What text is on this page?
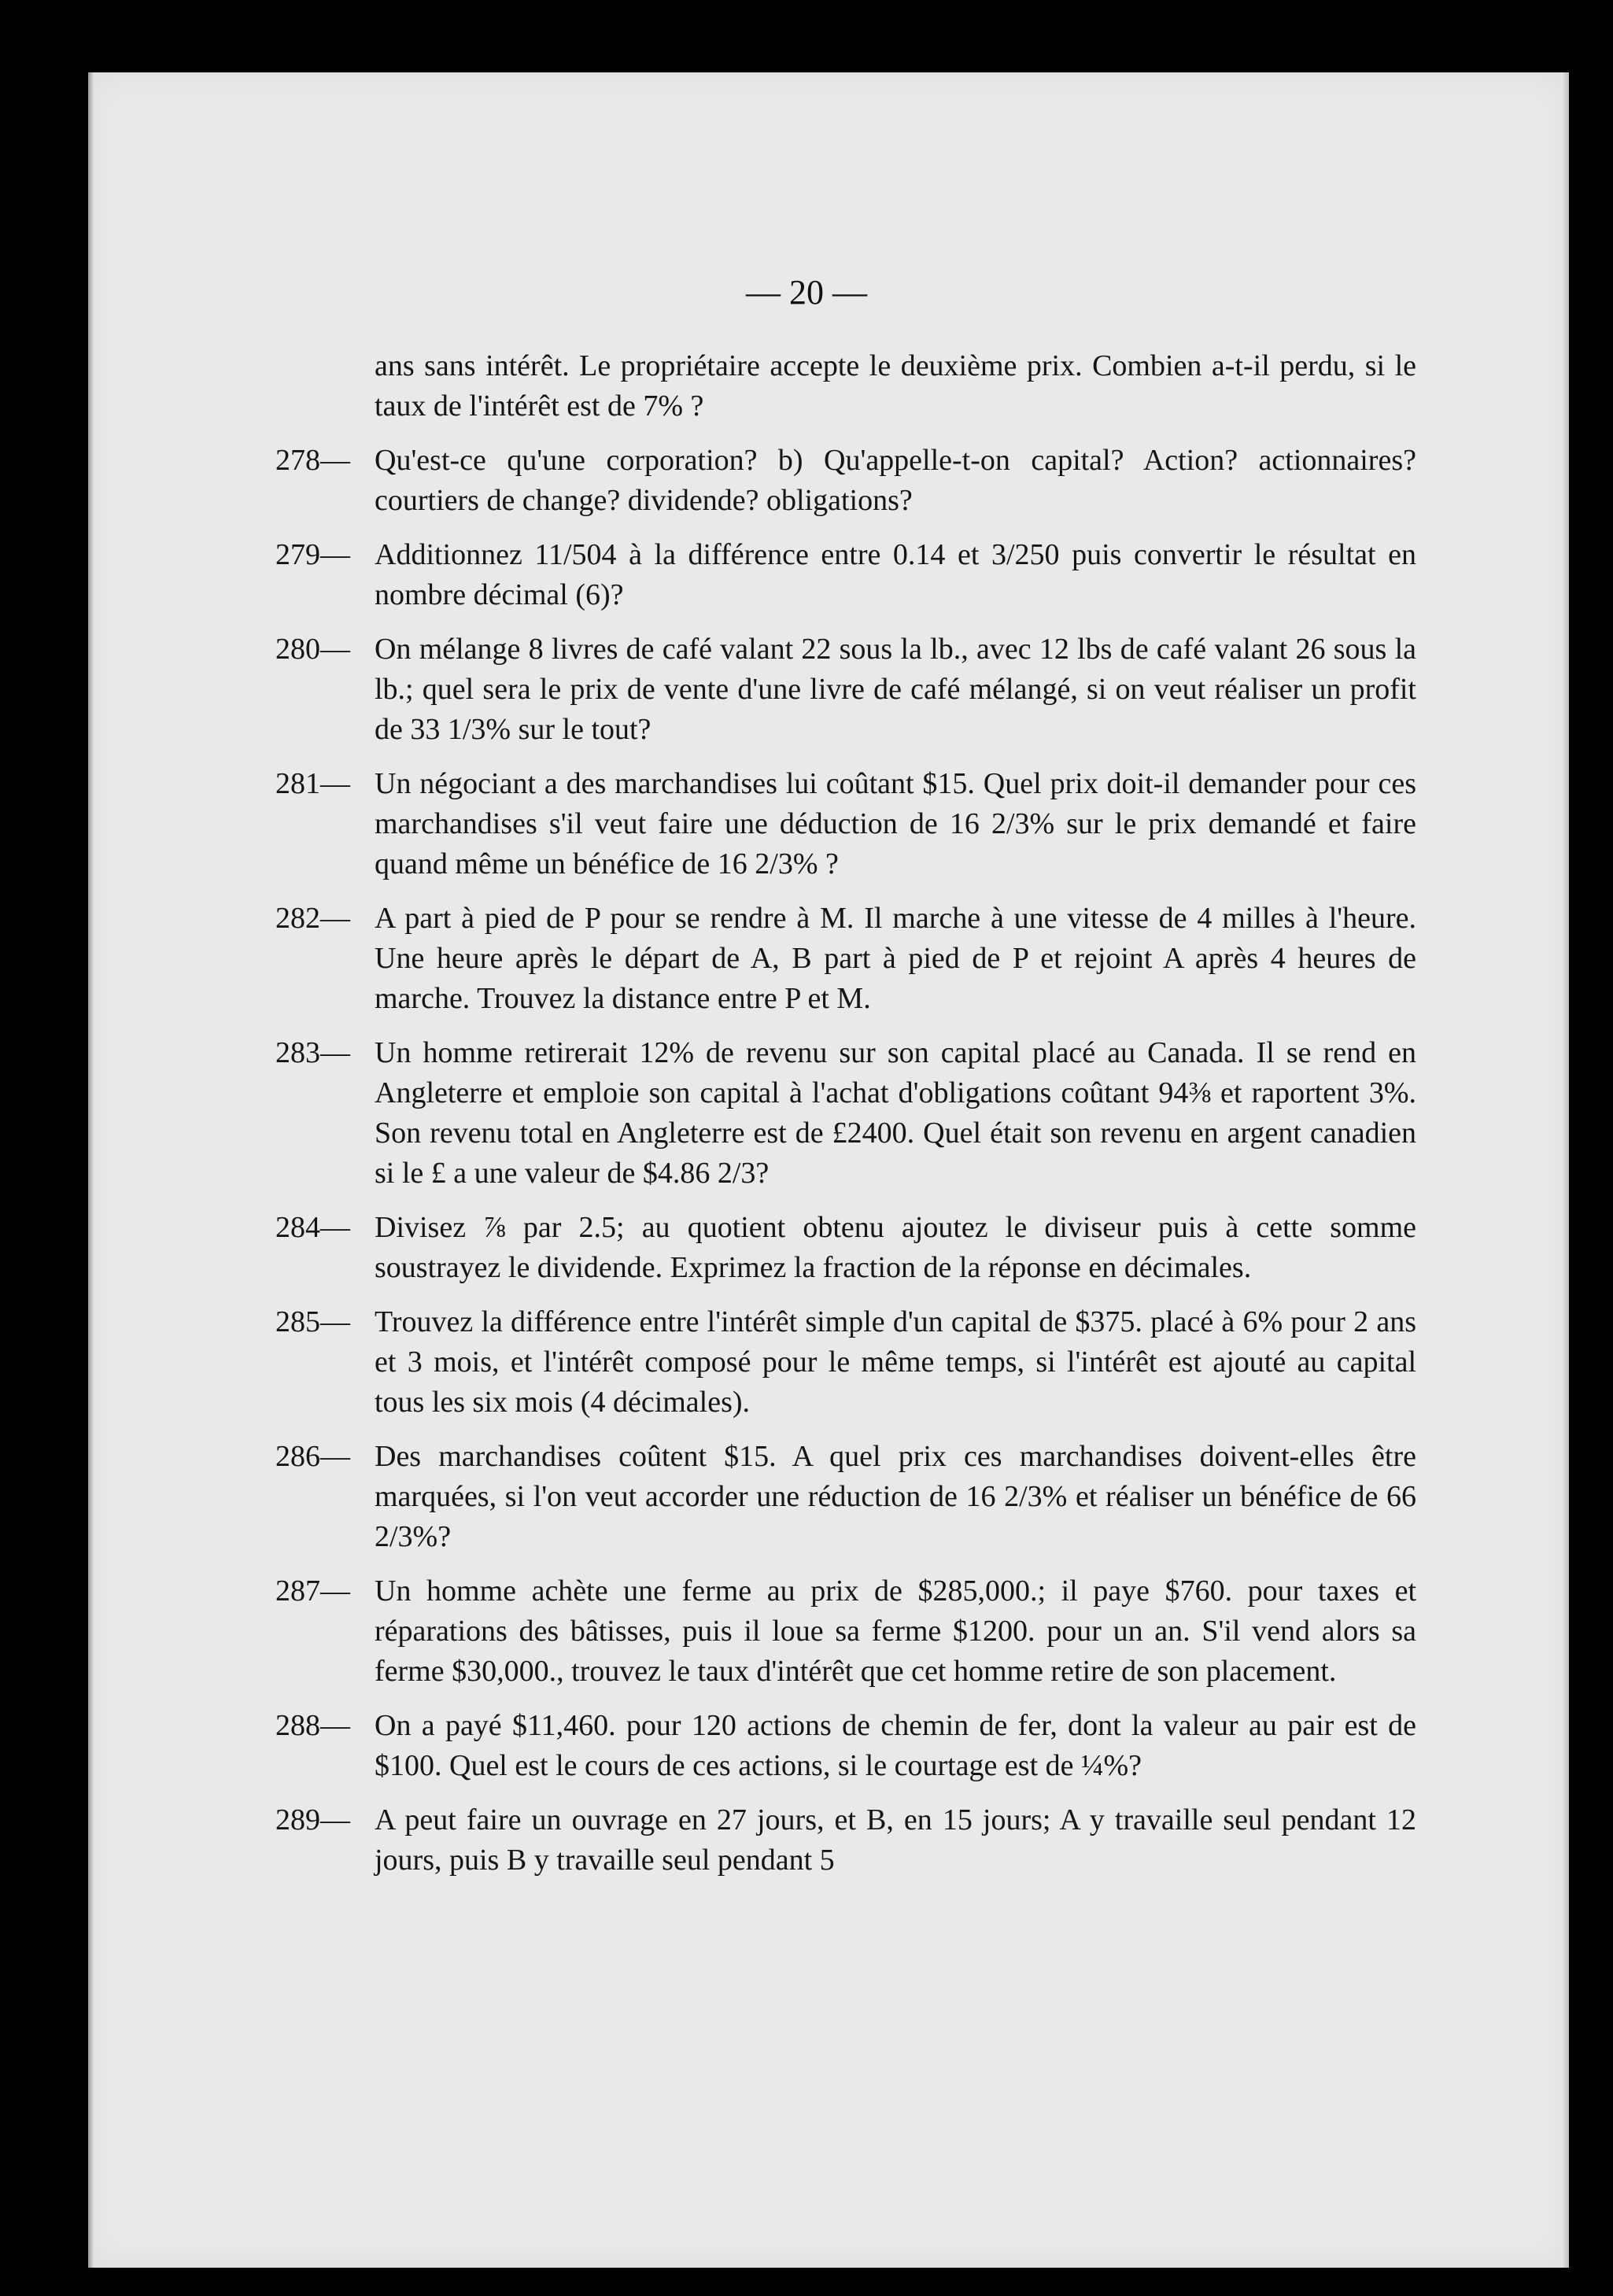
— 20 —
ans sans intérêt. Le propriétaire accepte le deuxième prix. Combien a-t-il perdu, si le taux de l'intérêt est de 7% ?
278— Qu'est-ce qu'une corporation? b) Qu'appelle-t-on capital? Action? actionnaires? courtiers de change? dividende? obligations?
279— Additionnez 11/504 à la différence entre 0.14 et 3/250 puis convertir le résultat en nombre décimal (6)?
280— On mélange 8 livres de café valant 22 sous la lb., avec 12 lbs de café valant 26 sous la lb.; quel sera le prix de vente d'une livre de café mélangé, si on veut réaliser un profit de 33 1/3% sur le tout?
281— Un négociant a des marchandises lui coûtant $15. Quel prix doit-il demander pour ces marchandises s'il veut faire une déduction de 16 2/3% sur le prix demandé et faire quand même un bénéfice de 16 2/3% ?
282— A part à pied de P pour se rendre à M. Il marche à une vitesse de 4 milles à l'heure. Une heure après le départ de A, B part à pied de P et rejoint A après 4 heures de marche. Trouvez la distance entre P et M.
283— Un homme retirerait 12% de revenu sur son capital placé au Canada. Il se rend en Angleterre et emploie son capital à l'achat d'obligations coûtant 94⅜ et raportent 3%. Son revenu total en Angleterre est de £2400. Quel était son revenu en argent canadien si le £ a une valeur de $4.86 2/3?
284— Divisez ⅞ par 2.5; au quotient obtenu ajoutez le diviseur puis à cette somme soustrayez le dividende. Exprimez la fraction de la réponse en décimales.
285— Trouvez la différence entre l'intérêt simple d'un capital de $375. placé à 6% pour 2 ans et 3 mois, et l'intérêt composé pour le même temps, si l'intérêt est ajouté au capital tous les six mois (4 décimales).
286— Des marchandises coûtent $15. A quel prix ces marchandises doivent-elles être marquées, si l'on veut accorder une réduction de 16 2/3% et réaliser un bénéfice de 66 2/3%?
287— Un homme achète une ferme au prix de $285,000.; il paye $760. pour taxes et réparations des bâtisses, puis il loue sa ferme $1200. pour un an. S'il vend alors sa ferme $30,000., trouvez le taux d'intérêt que cet homme retire de son placement.
288— On a payé $11,460. pour 120 actions de chemin de fer, dont la valeur au pair est de $100. Quel est le cours de ces actions, si le courtage est de ¼%?
289— A peut faire un ouvrage en 27 jours, et B, en 15 jours; A y travaille seul pendant 12 jours, puis B y travaille seul pendant 5
